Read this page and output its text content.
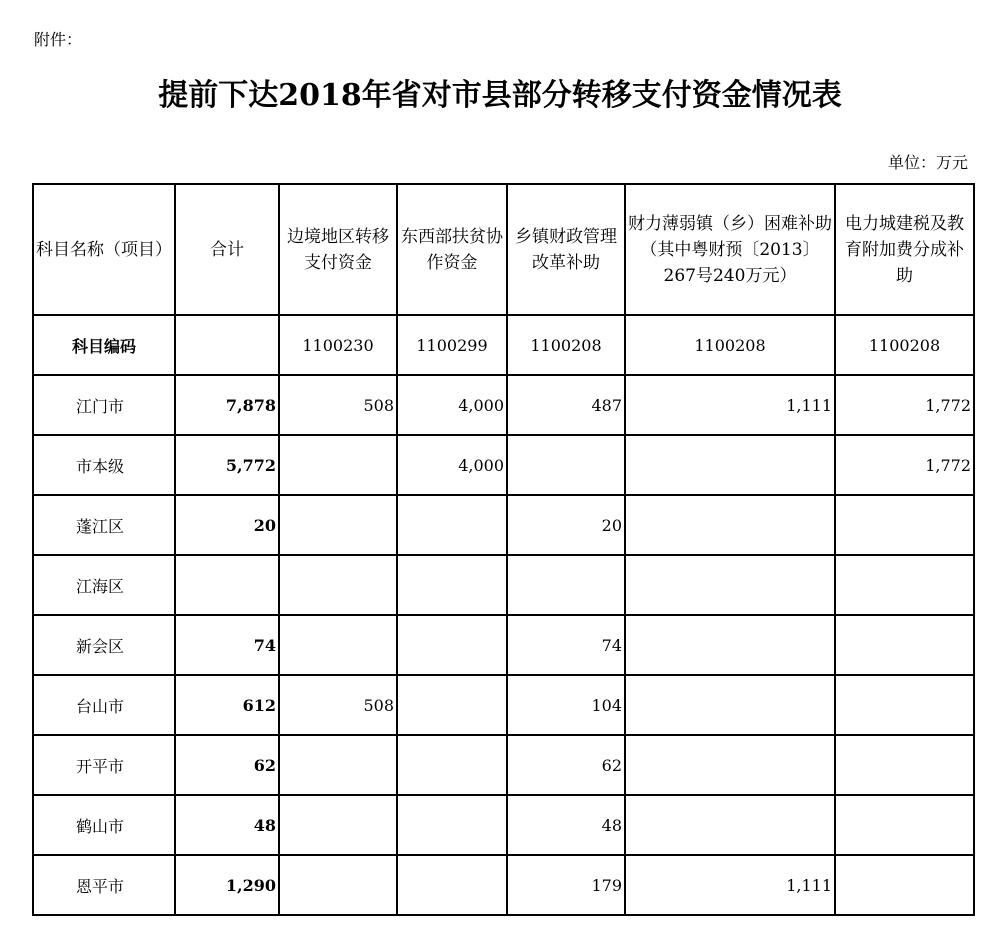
附件：
提前下达2018年省对市县部分转移支付资金情况表
单位：万元
科目名称（项目）	合计	边境地区转移支付资金	东西部扶贫协作资金	乡镇财政管理改革补助	财力薄弱镇（乡）困难补助（其中粤财预〔2013〕267号240万元）	电力城建税及教育附加费分成补助
科目编码		1100230	1100299	1100208	1100208	1100208
江门市	7,878	508	4,000	487	1,111	1,772
市本级	5,772		4,000			1,772
蓬江区	20			20		
江海区						
新会区	74			74		
台山市	612	508		104		
开平市	62			62		
鹤山市	48			48		
恩平市	1,290			179	1,111	
